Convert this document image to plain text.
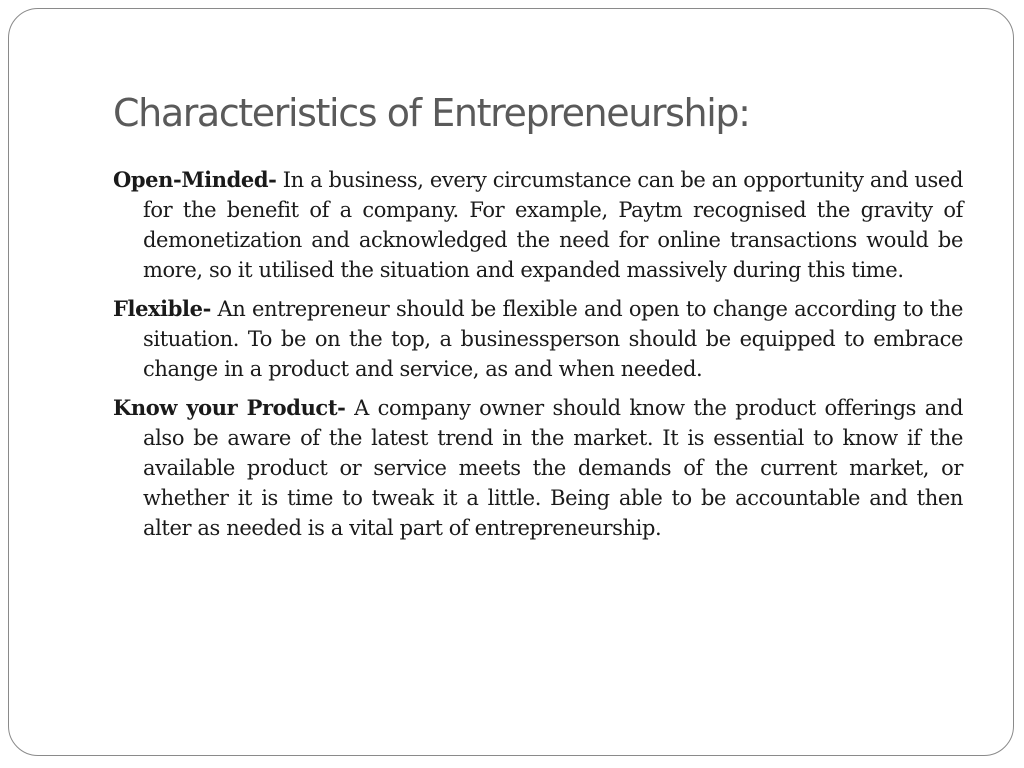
Characteristics of Entrepreneurship:
Open-Minded- In a business, every circumstance can be an opportunity and used for the benefit of a company. For example, Paytm recognised the gravity of demonetization and acknowledged the need for online transactions would be more, so it utilised the situation and expanded massively during this time.
Flexible- An entrepreneur should be flexible and open to change according to the situation. To be on the top, a businessperson should be equipped to embrace change in a product and service, as and when needed.
Know your Product- A company owner should know the product offerings and also be aware of the latest trend in the market. It is essential to know if the available product or service meets the demands of the current market, or whether it is time to tweak it a little. Being able to be accountable and then alter as needed is a vital part of entrepreneurship.
